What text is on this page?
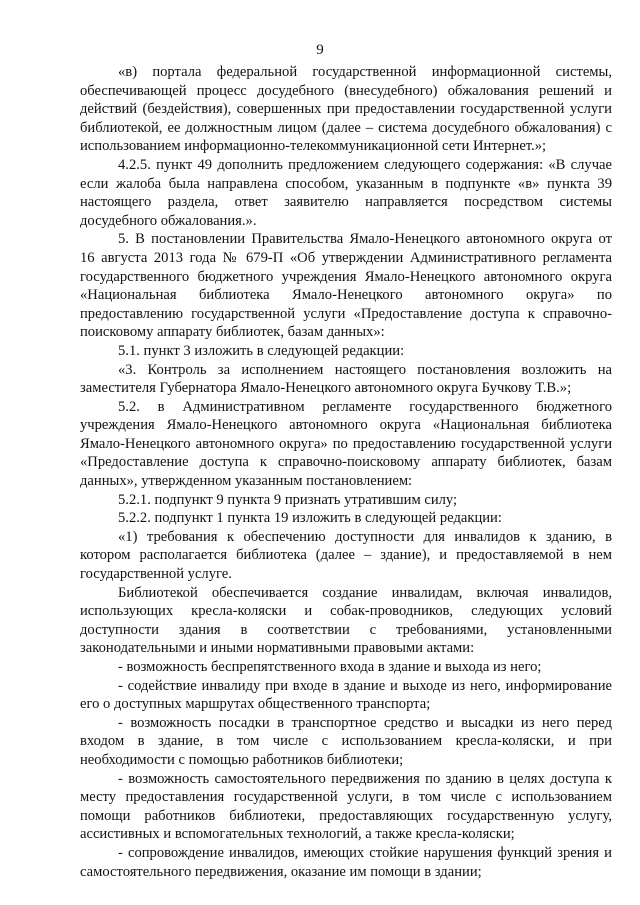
9

«в) портала федеральной государственной информационной системы, обеспечивающей процесс досудебного (внесудебного) обжалования решений и действий (бездействия), совершенных при предоставлении государственной услуги библиотекой, ее должностным лицом (далее – система досудебного обжалования) с использованием информационно-телекоммуникационной сети Интернет.»;

4.2.5. пункт 49 дополнить предложением следующего содержания: «В случае если жалоба была направлена способом, указанным в подпункте «в» пункта 39 настоящего раздела, ответ заявителю направляется посредством системы досудебного обжалования.».

5. В постановлении Правительства Ямало-Ненецкого автономного округа от 16 августа 2013 года № 679-П «Об утверждении Административного регламента государственного бюджетного учреждения Ямало-Ненецкого автономного округа «Национальная библиотека Ямало-Ненецкого автономного округа» по предоставлению государственной услуги «Предоставление доступа к справочно-поисковому аппарату библиотек, базам данных»:

5.1. пункт 3 изложить в следующей редакции:

«3. Контроль за исполнением настоящего постановления возложить на заместителя Губернатора Ямало-Ненецкого автономного округа Бучкову Т.В.»;

5.2. в Административном регламенте государственного бюджетного учреждения Ямало-Ненецкого автономного округа «Национальная библиотека Ямало-Ненецкого автономного округа» по предоставлению государственной услуги «Предоставление доступа к справочно-поисковому аппарату библиотек, базам данных», утвержденном указанным постановлением:

5.2.1. подпункт 9 пункта 9 признать утратившим силу;

5.2.2. подпункт 1 пункта 19 изложить в следующей редакции:

«1) требования к обеспечению доступности для инвалидов к зданию, в котором располагается библиотека (далее – здание), и предоставляемой в нем государственной услуге.

Библиотекой обеспечивается создание инвалидам, включая инвалидов, использующих кресла-коляски и собак-проводников, следующих условий доступности здания в соответствии с требованиями, установленными законодательными и иными нормативными правовыми актами:

- возможность беспрепятственного входа в здание и выхода из него;

- содействие инвалиду при входе в здание и выходе из него, информирование его о доступных маршрутах общественного транспорта;

- возможность посадки в транспортное средство и высадки из него перед входом в здание, в том числе с использованием кресла-коляски, и при необходимости с помощью работников библиотеки;

- возможность самостоятельного передвижения по зданию в целях доступа к месту предоставления государственной услуги, в том числе с использованием помощи работников библиотеки, предоставляющих государственную услугу, ассистивных и вспомогательных технологий, а также кресла-коляски;

- сопровождение инвалидов, имеющих стойкие нарушения функций зрения и самостоятельного передвижения, оказание им помощи в здании;
